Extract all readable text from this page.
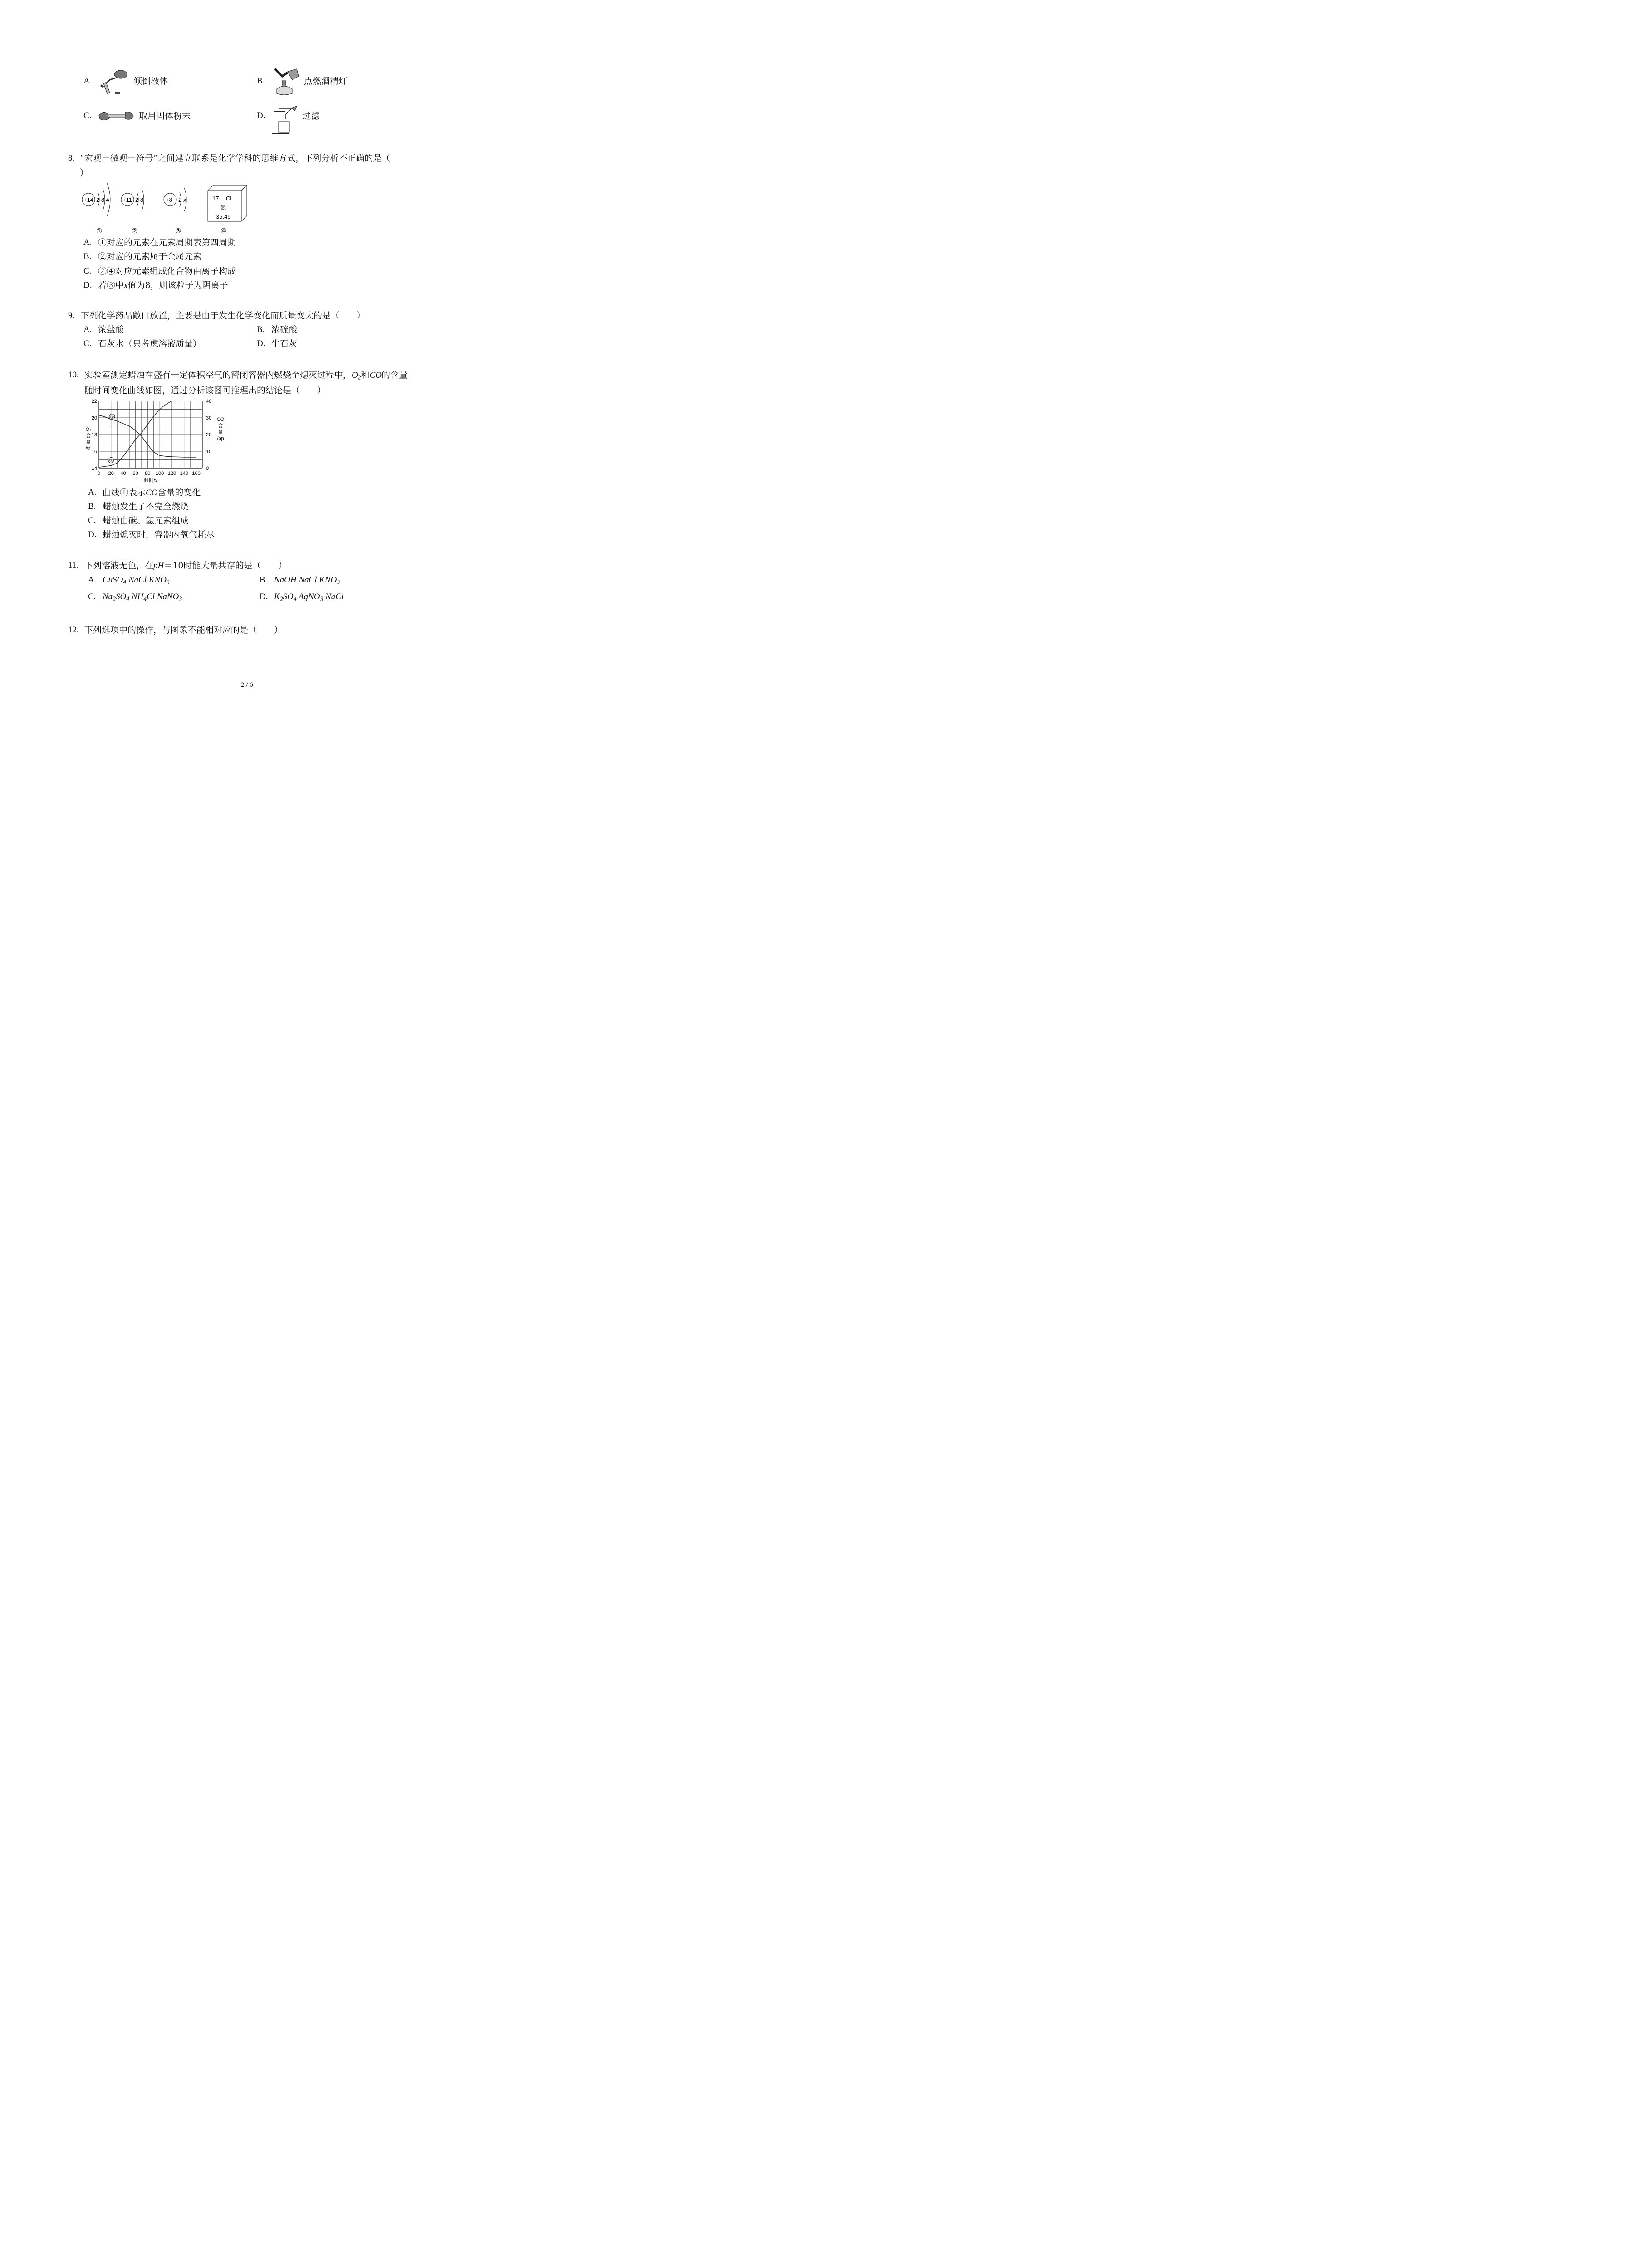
A.	倾倒液体	B.	点燃酒精灯
C.	取用固体粉末	D.	过滤
8. “宏观－微观－符号”之间建立联系是化学学科的思维方式，下列分析不正确的是（
）
+14 2 8 4
①
+11 2 8
②
+8 2 x
③
17 Cl
氯
35.45
④
A. ①对应的元素在元素周期表第四周期
B. ②对应的元素属于金属元素
C. ②④对应元素组成化合物由离子构成
D. 若③中x值为8，则该粒子为阴离子
9. 下列化学药品敞口放置，主要是由于发生化学变化而质量变大的是（　　）
A. 浓盐酸	B. 浓硫酸
C. 石灰水（只考虑溶液质量）	D. 生石灰
10. 实验室测定蜡烛在盛有一定体积空气的密闭容器内燃烧至熄灭过程中，$O_2$和CO的含量
随时间变化曲线如图，通过分析该图可推理出的结论是（　　）
0 20 40 60 80 100 120 140 160
14
16
18
20
22
0
10
20
30
40
时间/s
O₂
含
量
/%
CO
含
量
/pp
①
②
A. 曲线①表示CO含量的变化
B. 蜡烛发生了不完全燃烧
C. 蜡烛由碳、氢元素组成
D. 蜡烛熄灭时，容器内氧气耗尽
11. 下列溶液无色，在pH＝10时能大量共存的是（　　）
A. CuSO$_4$ NaCl $KNO_3$	B. NaOH NaCl $KNO_3$
C. $Na_2SO_4$ $NH_4Cl$ NaNO$_3$	D. $K_2SO_4$ AgNO$_3$ NaCl
12. 下列选项中的操作，与图象不能相对应的是（　　）
2 / 6
